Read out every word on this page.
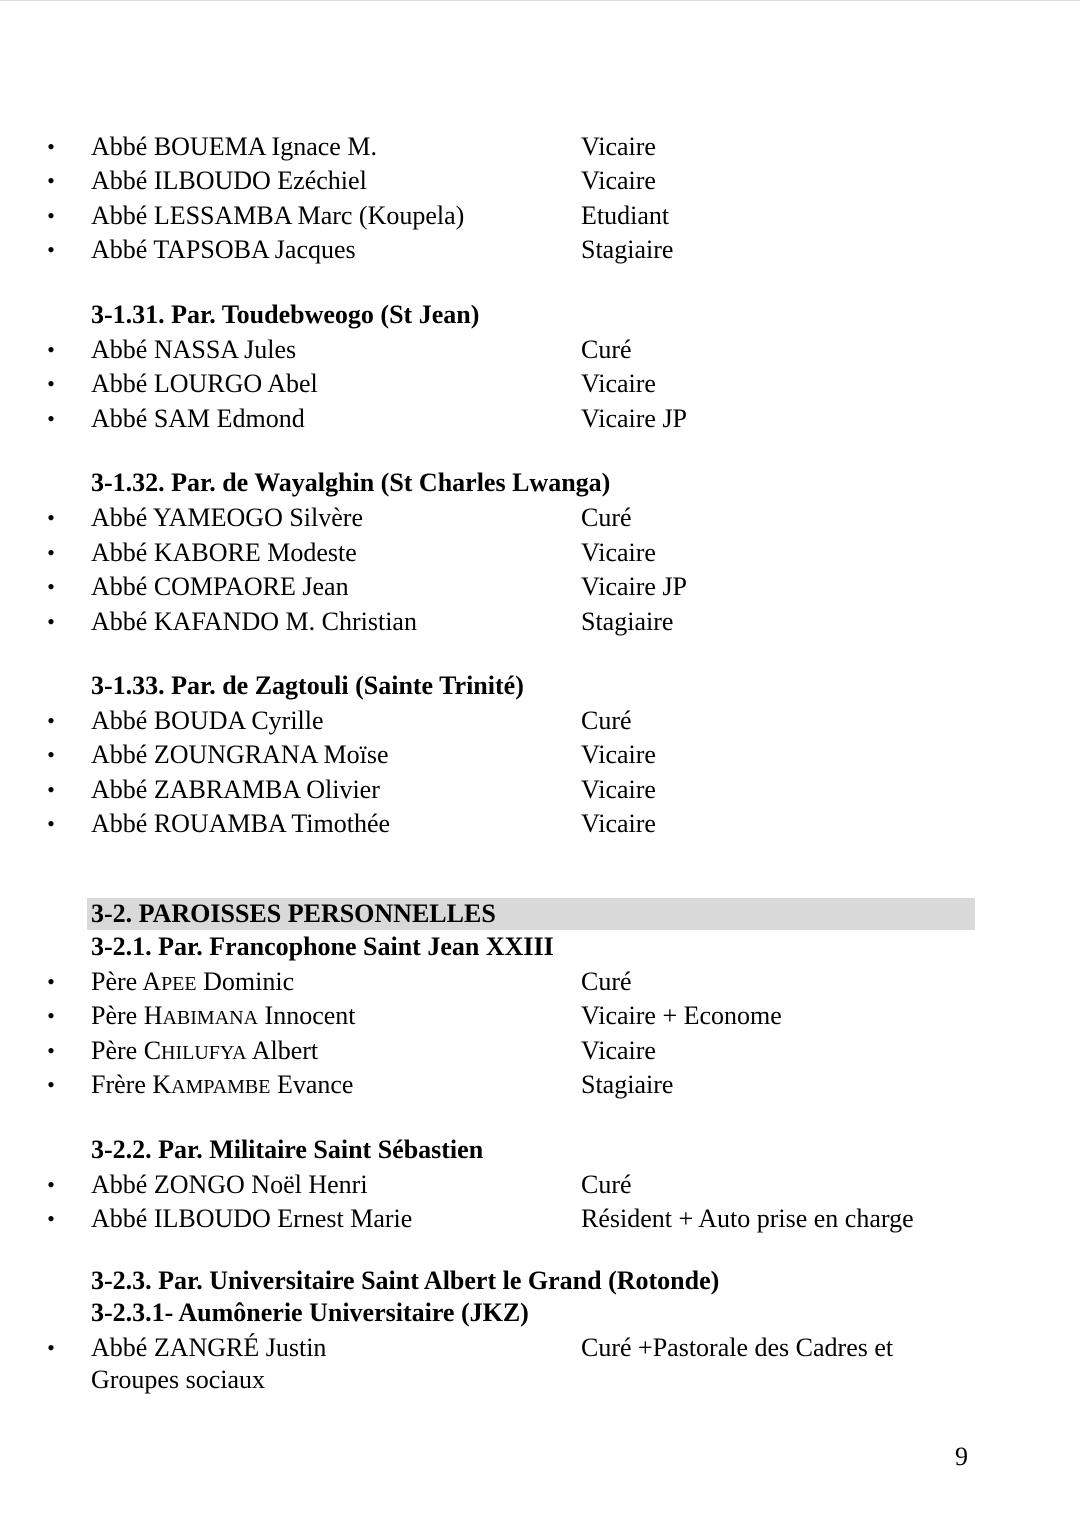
• Abbé BOUEMA Ignace M.	Vicaire
• Abbé ILBOUDO Ezéchiel	Vicaire
• Abbé LESSAMBA Marc (Koupela)	Etudiant
• Abbé TAPSOBA Jacques	Stagiaire
3-1.31. Par. Toudebweogo (St Jean)
• Abbé NASSA Jules	Curé
• Abbé LOURGO Abel	Vicaire
• Abbé SAM Edmond	Vicaire JP
3-1.32. Par. de Wayalghin (St Charles Lwanga)
• Abbé YAMEOGO Silvère	Curé
• Abbé KABORE Modeste	Vicaire
• Abbé COMPAORE Jean	Vicaire JP
• Abbé KAFANDO M. Christian	Stagiaire
3-1.33. Par. de Zagtouli (Sainte Trinité)
• Abbé BOUDA Cyrille	Curé
• Abbé ZOUNGRANA Moïse	Vicaire
• Abbé ZABRAMBA Olivier	Vicaire
• Abbé ROUAMBA Timothée	Vicaire
3-2. PAROISSES PERSONNELLES
3-2.1. Par. Francophone Saint Jean XXIII
• Père APEE Dominic	Curé
• Père HABIMANA Innocent	Vicaire + Econome
• Père CHILUFYA Albert	Vicaire
• Frère KAMPAMBE Evance	Stagiaire
3-2.2. Par. Militaire Saint Sébastien
• Abbé ZONGO Noël Henri	Curé
• Abbé ILBOUDO Ernest Marie	Résident + Auto prise en charge
3-2.3. Par. Universitaire Saint Albert le Grand (Rotonde)
3-2.3.1- Aumônerie Universitaire (JKZ)
• Abbé ZANGRÉ Justin	Curé +Pastorale des Cadres et
Groupes sociaux
9
